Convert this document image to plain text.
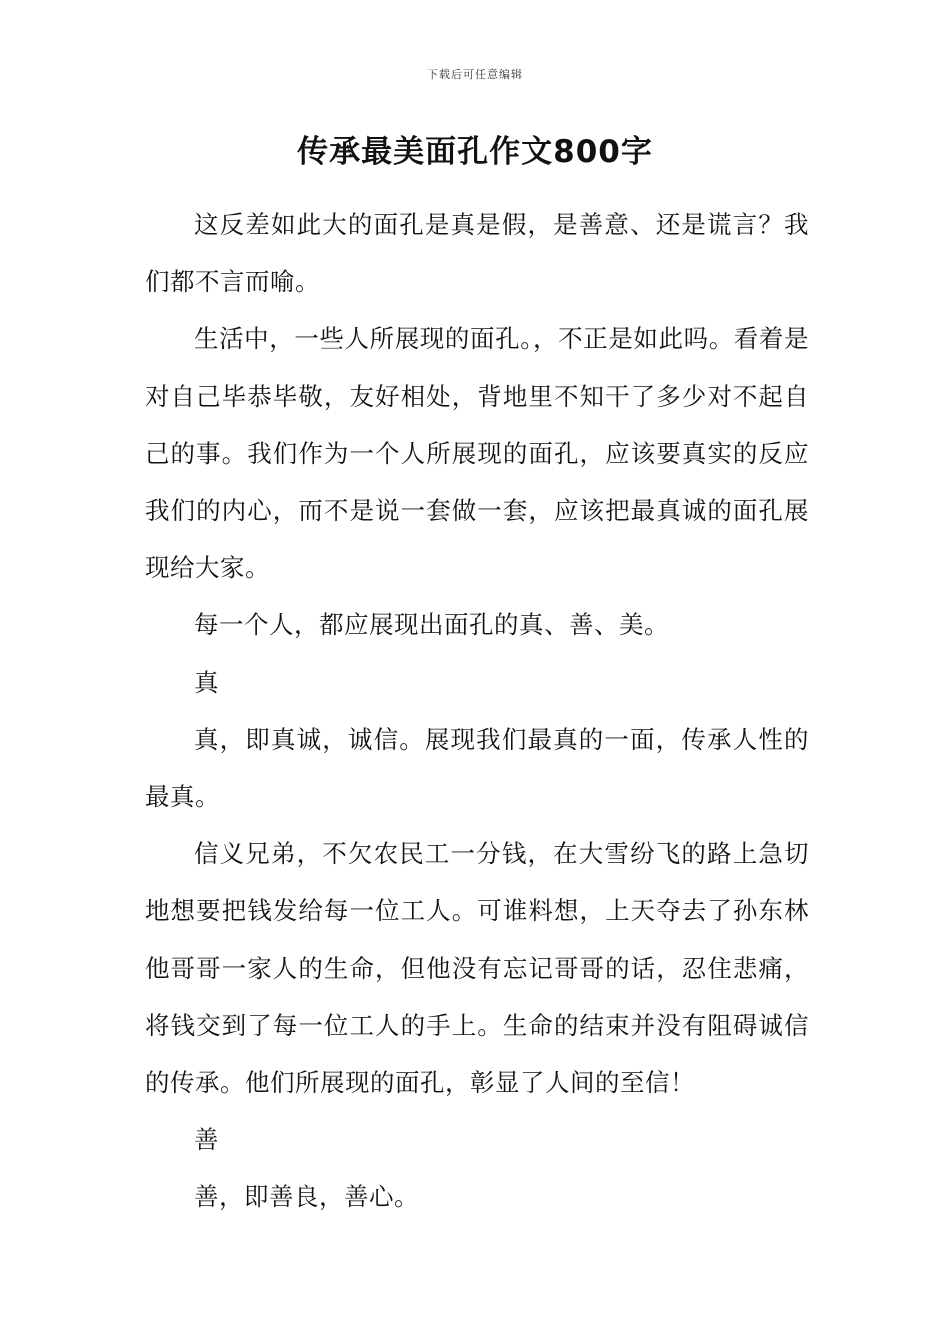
下载后可任意编辑
传承最美面孔作文800字

这反差如此大的面孔是真是假，是善意、还是谎言？我们都不言而喻。

生活中，一些人所展现的面孔。，不正是如此吗。看着是对自己毕恭毕敬，友好相处，背地里不知干了多少对不起自己的事。我们作为一个人所展现的面孔，应该要真实的反应我们的内心，而不是说一套做一套，应该把最真诚的面孔展现给大家。

每一个人，都应展现出面孔的真、善、美。

真

真，即真诚，诚信。展现我们最真的一面，传承人性的最真。

信义兄弟，不欠农民工一分钱，在大雪纷飞的路上急切地想要把钱发给每一位工人。可谁料想，上天夺去了孙东林他哥哥一家人的生命，但他没有忘记哥哥的话，忍住悲痛，将钱交到了每一位工人的手上。生命的结束并没有阻碍诚信的传承。他们所展现的面孔，彰显了人间的至信！

善

善，即善良，善心。
